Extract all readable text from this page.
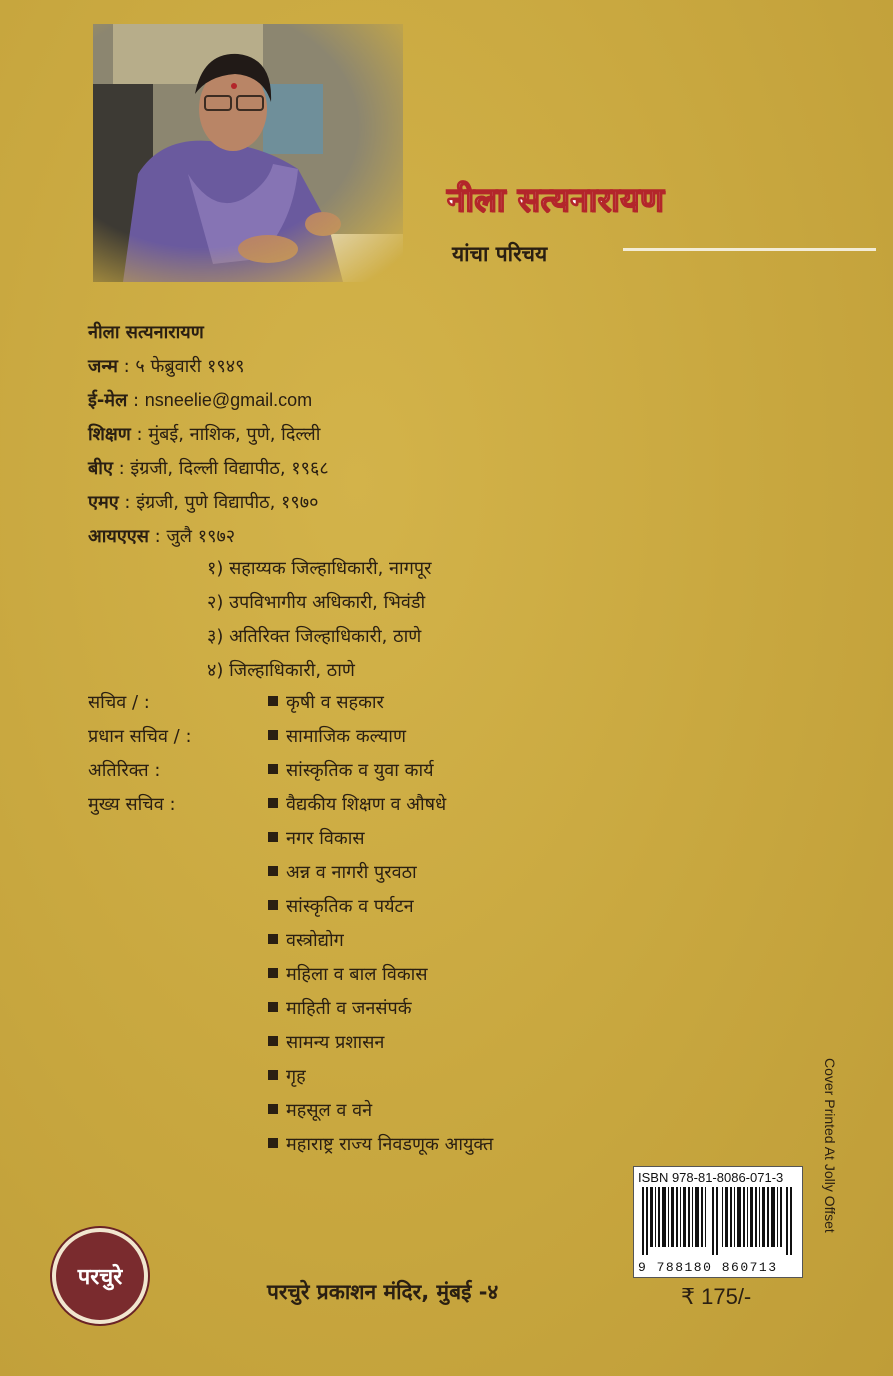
नीला सत्यनारायण
यांचा परिचय
नीला सत्यनारायण
जन्म : ५ फेब्रुवारी १९४९
ई-मेल : nsneelie@gmail.com
शिक्षण : मुंबई, नाशिक, पुणे, दिल्ली
बीए : इंग्रजी, दिल्ली विद्यापीठ, १९६८
एमए : इंग्रजी, पुणे विद्यापीठ, १९७०
आयएएस : जुलै १९७२
१) सहाय्यक जिल्हाधिकारी, नागपूर
२) उपविभागीय अधिकारी, भिवंडी
३) अतिरिक्त जिल्हाधिकारी, ठाणे
४) जिल्हाधिकारी, ठाणे
सचिव / :
प्रधान सचिव / :
अतिरिक्त :
मुख्य सचिव :
कृषी व सहकार
सामाजिक कल्याण
सांस्कृतिक व युवा कार्य
वैद्यकीय शिक्षण व औषधे
नगर विकास
अन्न व नागरी पुरवठा
सांस्कृतिक व पर्यटन
वस्त्रोद्योग
महिला व बाल विकास
माहिती व जनसंपर्क
सामन्य प्रशासन
गृह
महसूल व वने
महाराष्ट्र राज्य निवडणूक आयुक्त	Cover Printed At Jolly Offset
ISBN 978-81-8086-071-3
9 788180 860713
परचुरे
परचुरे प्रकाशन मंदिर, मुंबई -४	₹ 175/-
